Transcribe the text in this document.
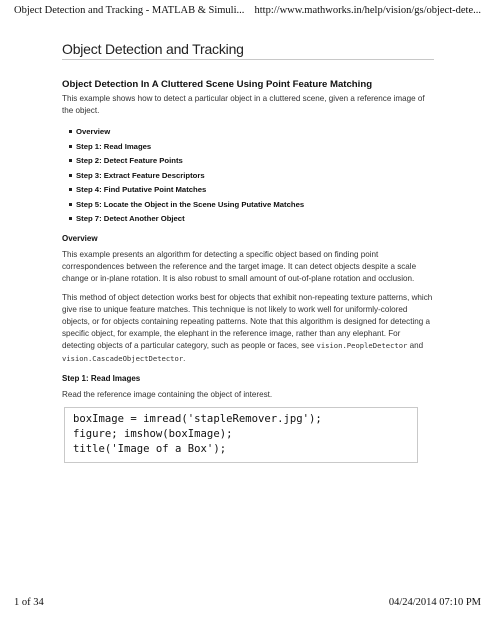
Object Detection and Tracking - MATLAB & Simuli... http://www.mathworks.in/help/vision/gs/object-dete...
Object Detection and Tracking
Object Detection In A Cluttered Scene Using Point Feature Matching

This example shows how to detect a particular object in a cluttered scene, given a reference image of the object.

Overview
Step 1: Read Images
Step 2: Detect Feature Points
Step 3: Extract Feature Descriptors
Step 4: Find Putative Point Matches
Step 5: Locate the Object in the Scene Using Putative Matches
Step 7: Detect Another Object
Overview

This example presents an algorithm for detecting a specific object based on finding point correspondences between the reference and the target image. It can detect objects despite a scale change or in-plane rotation. It is also robust to small amount of out-of-plane rotation and occlusion.

This method of object detection works best for objects that exhibit non-repeating texture patterns, which give rise to unique feature matches. This technique is not likely to work well for uniformly-colored objects, or for objects containing repeating patterns. Note that this algorithm is designed for detecting a specific object, for example, the elephant in the reference image, rather than any elephant. For detecting objects of a particular category, such as people or faces, see vision.PeopleDetector and vision.CascadeObjectDetector.

Step 1: Read Images

Read the reference image containing the object of interest.

boxImage = imread('stapleRemover.jpg');
figure; imshow(boxImage);
title('Image of a Box');
1 of 34	04/24/2014 07:10 PM
